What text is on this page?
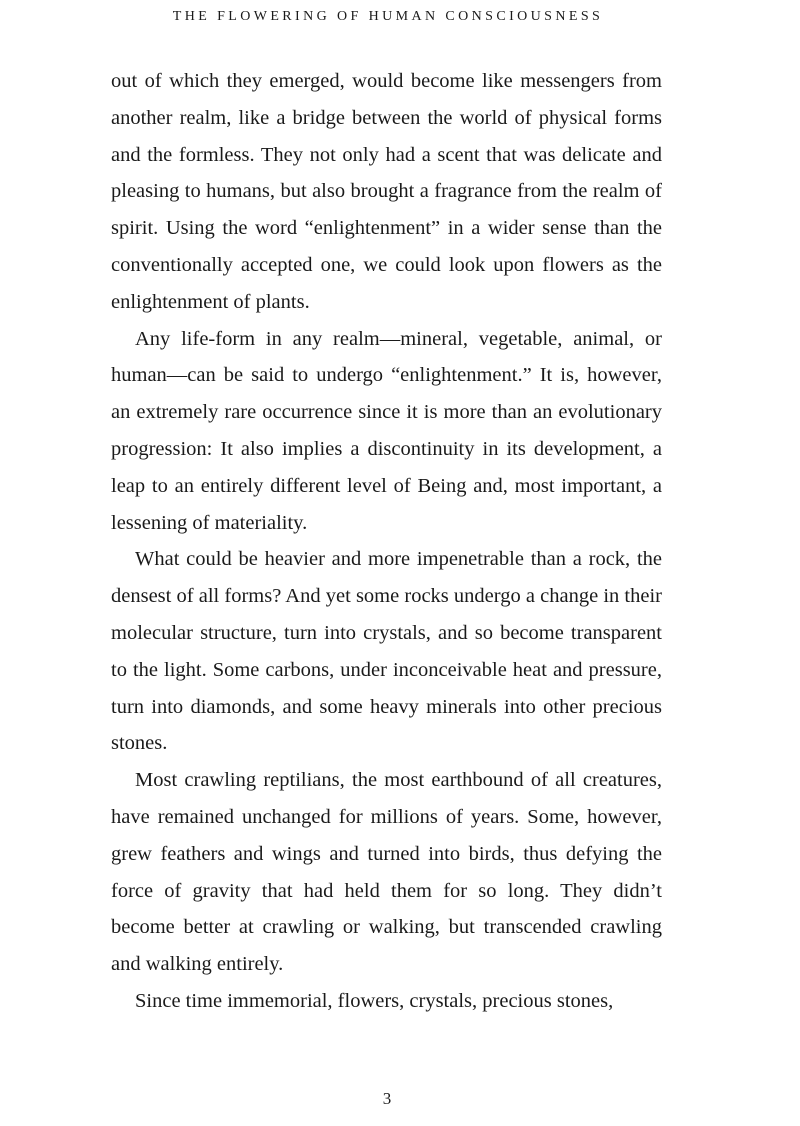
THE FLOWERING OF HUMAN CONSCIOUSNESS

out of which they emerged, would become like messengers from another realm, like a bridge between the world of physical forms and the formless. They not only had a scent that was delicate and pleasing to humans, but also brought a fragrance from the realm of spirit. Using the word “enlightenment” in a wider sense than the conventionally accepted one, we could look upon flowers as the enlightenment of plants.

Any life-form in any realm—mineral, vegetable, animal, or human—can be said to undergo “enlightenment.” It is, however, an extremely rare occurrence since it is more than an evolutionary progression: It also implies a discontinuity in its development, a leap to an entirely different level of Being and, most important, a lessening of materiality.

What could be heavier and more impenetrable than a rock, the densest of all forms? And yet some rocks undergo a change in their molecular structure, turn into crystals, and so become transparent to the light. Some carbons, under inconceivable heat and pressure, turn into diamonds, and some heavy minerals into other precious stones.

Most crawling reptilians, the most earthbound of all creatures, have remained unchanged for millions of years. Some, however, grew feathers and wings and turned into birds, thus defying the force of gravity that had held them for so long. They didn’t become better at crawling or walking, but transcended crawling and walking entirely.

Since time immemorial, flowers, crystals, precious stones,

3
